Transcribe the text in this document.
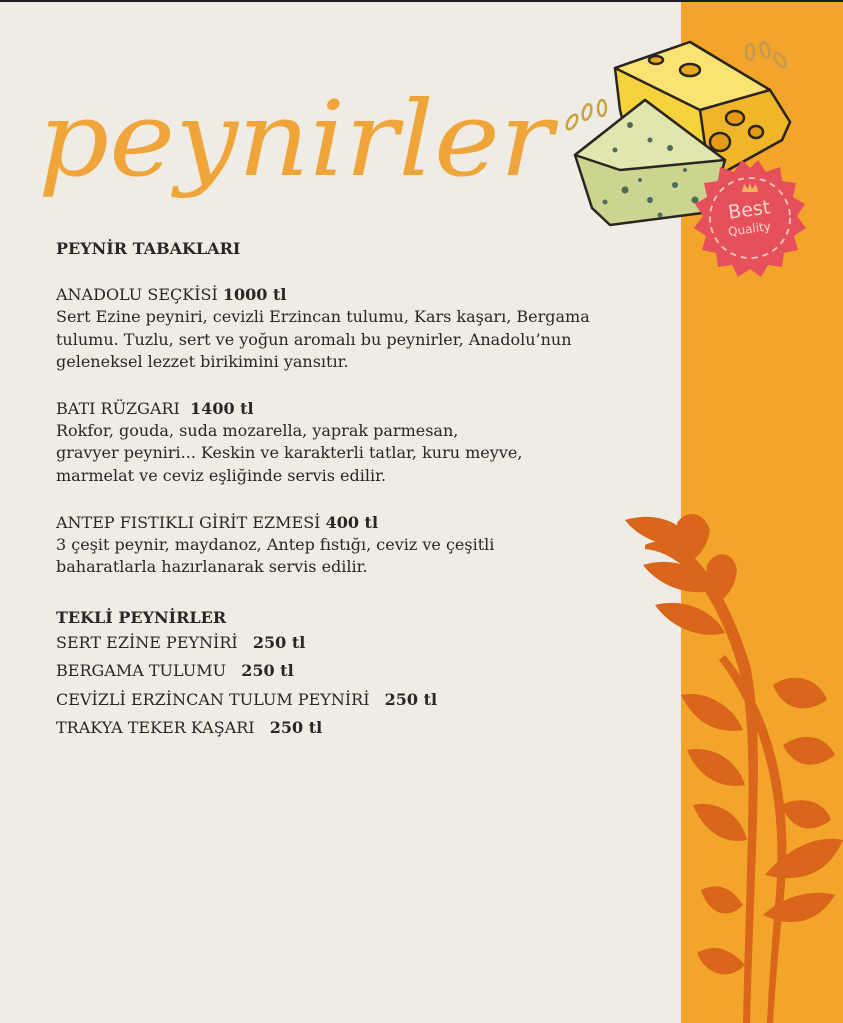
peynirler
Best
Quality
PEYNİR TABAKLARI
ANADOLU SEÇKİSİ 1000 tl
Sert Ezine peyniri, cevizli Erzincan tulumu, Kars kaşarı, Bergama
tulumu. Tuzlu, sert ve yoğun aromalı bu peynirler, Anadolu’nun
geleneksel lezzet birikimini yansıtır.
BATI RÜZGARI 1400 tl
Rokfor, gouda, suda mozarella, yaprak parmesan,
gravyer peyniri... Keskin ve karakterli tatlar, kuru meyve,
marmelat ve ceviz eşliğinde servis edilir.
ANTEP FISTIKLI GİRİT EZMESİ 400 tl
3 çeşit peynir, maydanoz, Antep fıstığı, ceviz ve çeşitli
baharatlarla hazırlanarak servis edilir.
TEKLİ PEYNİRLER
SERT EZİNE PEYNİRİ 250 tl
BERGAMA TULUMU 250 tl
CEVİZLİ ERZİNCAN TULUM PEYNİRİ 250 tl
TRAKYA TEKER KAŞARI 250 tl
